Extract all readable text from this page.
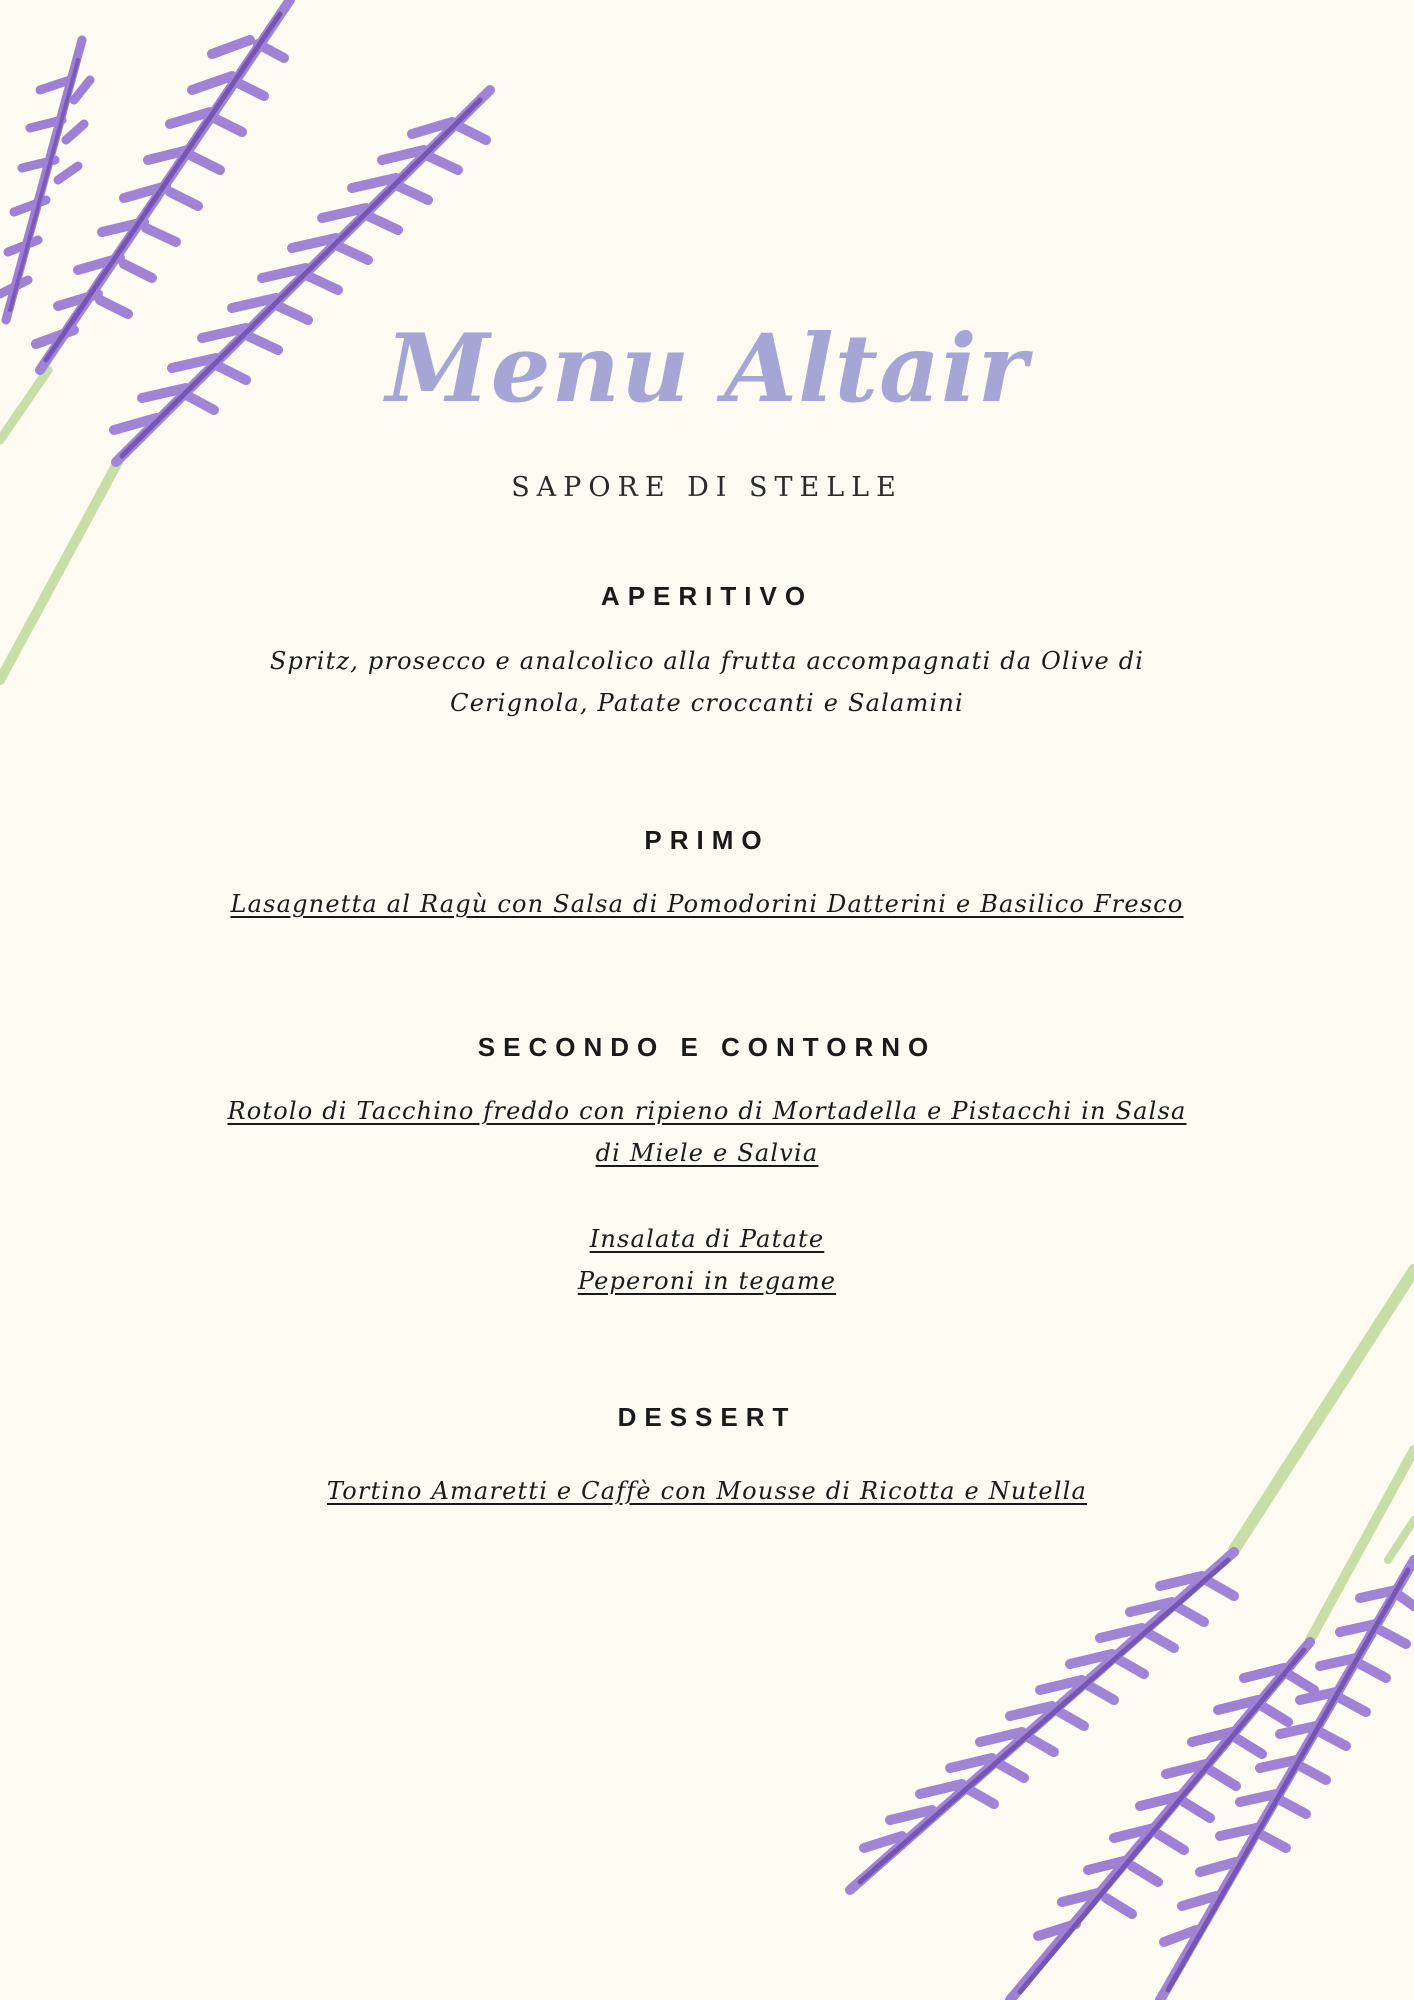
Menu Altair
SAPORE DI STELLE
APERITIVO
Spritz, prosecco e analcolico alla frutta accompagnati da Olive di
Cerignola, Patate croccanti e Salamini
PRIMO
Lasagnetta al Ragù con Salsa di Pomodorini Datterini e Basilico Fresco
SECONDO E CONTORNO
Rotolo di Tacchino freddo con ripieno di Mortadella e Pistacchi in Salsa
di Miele e Salvia
Insalata di Patate
Peperoni in tegame
DESSERT
Tortino Amaretti e Caffè con Mousse di Ricotta e Nutella
